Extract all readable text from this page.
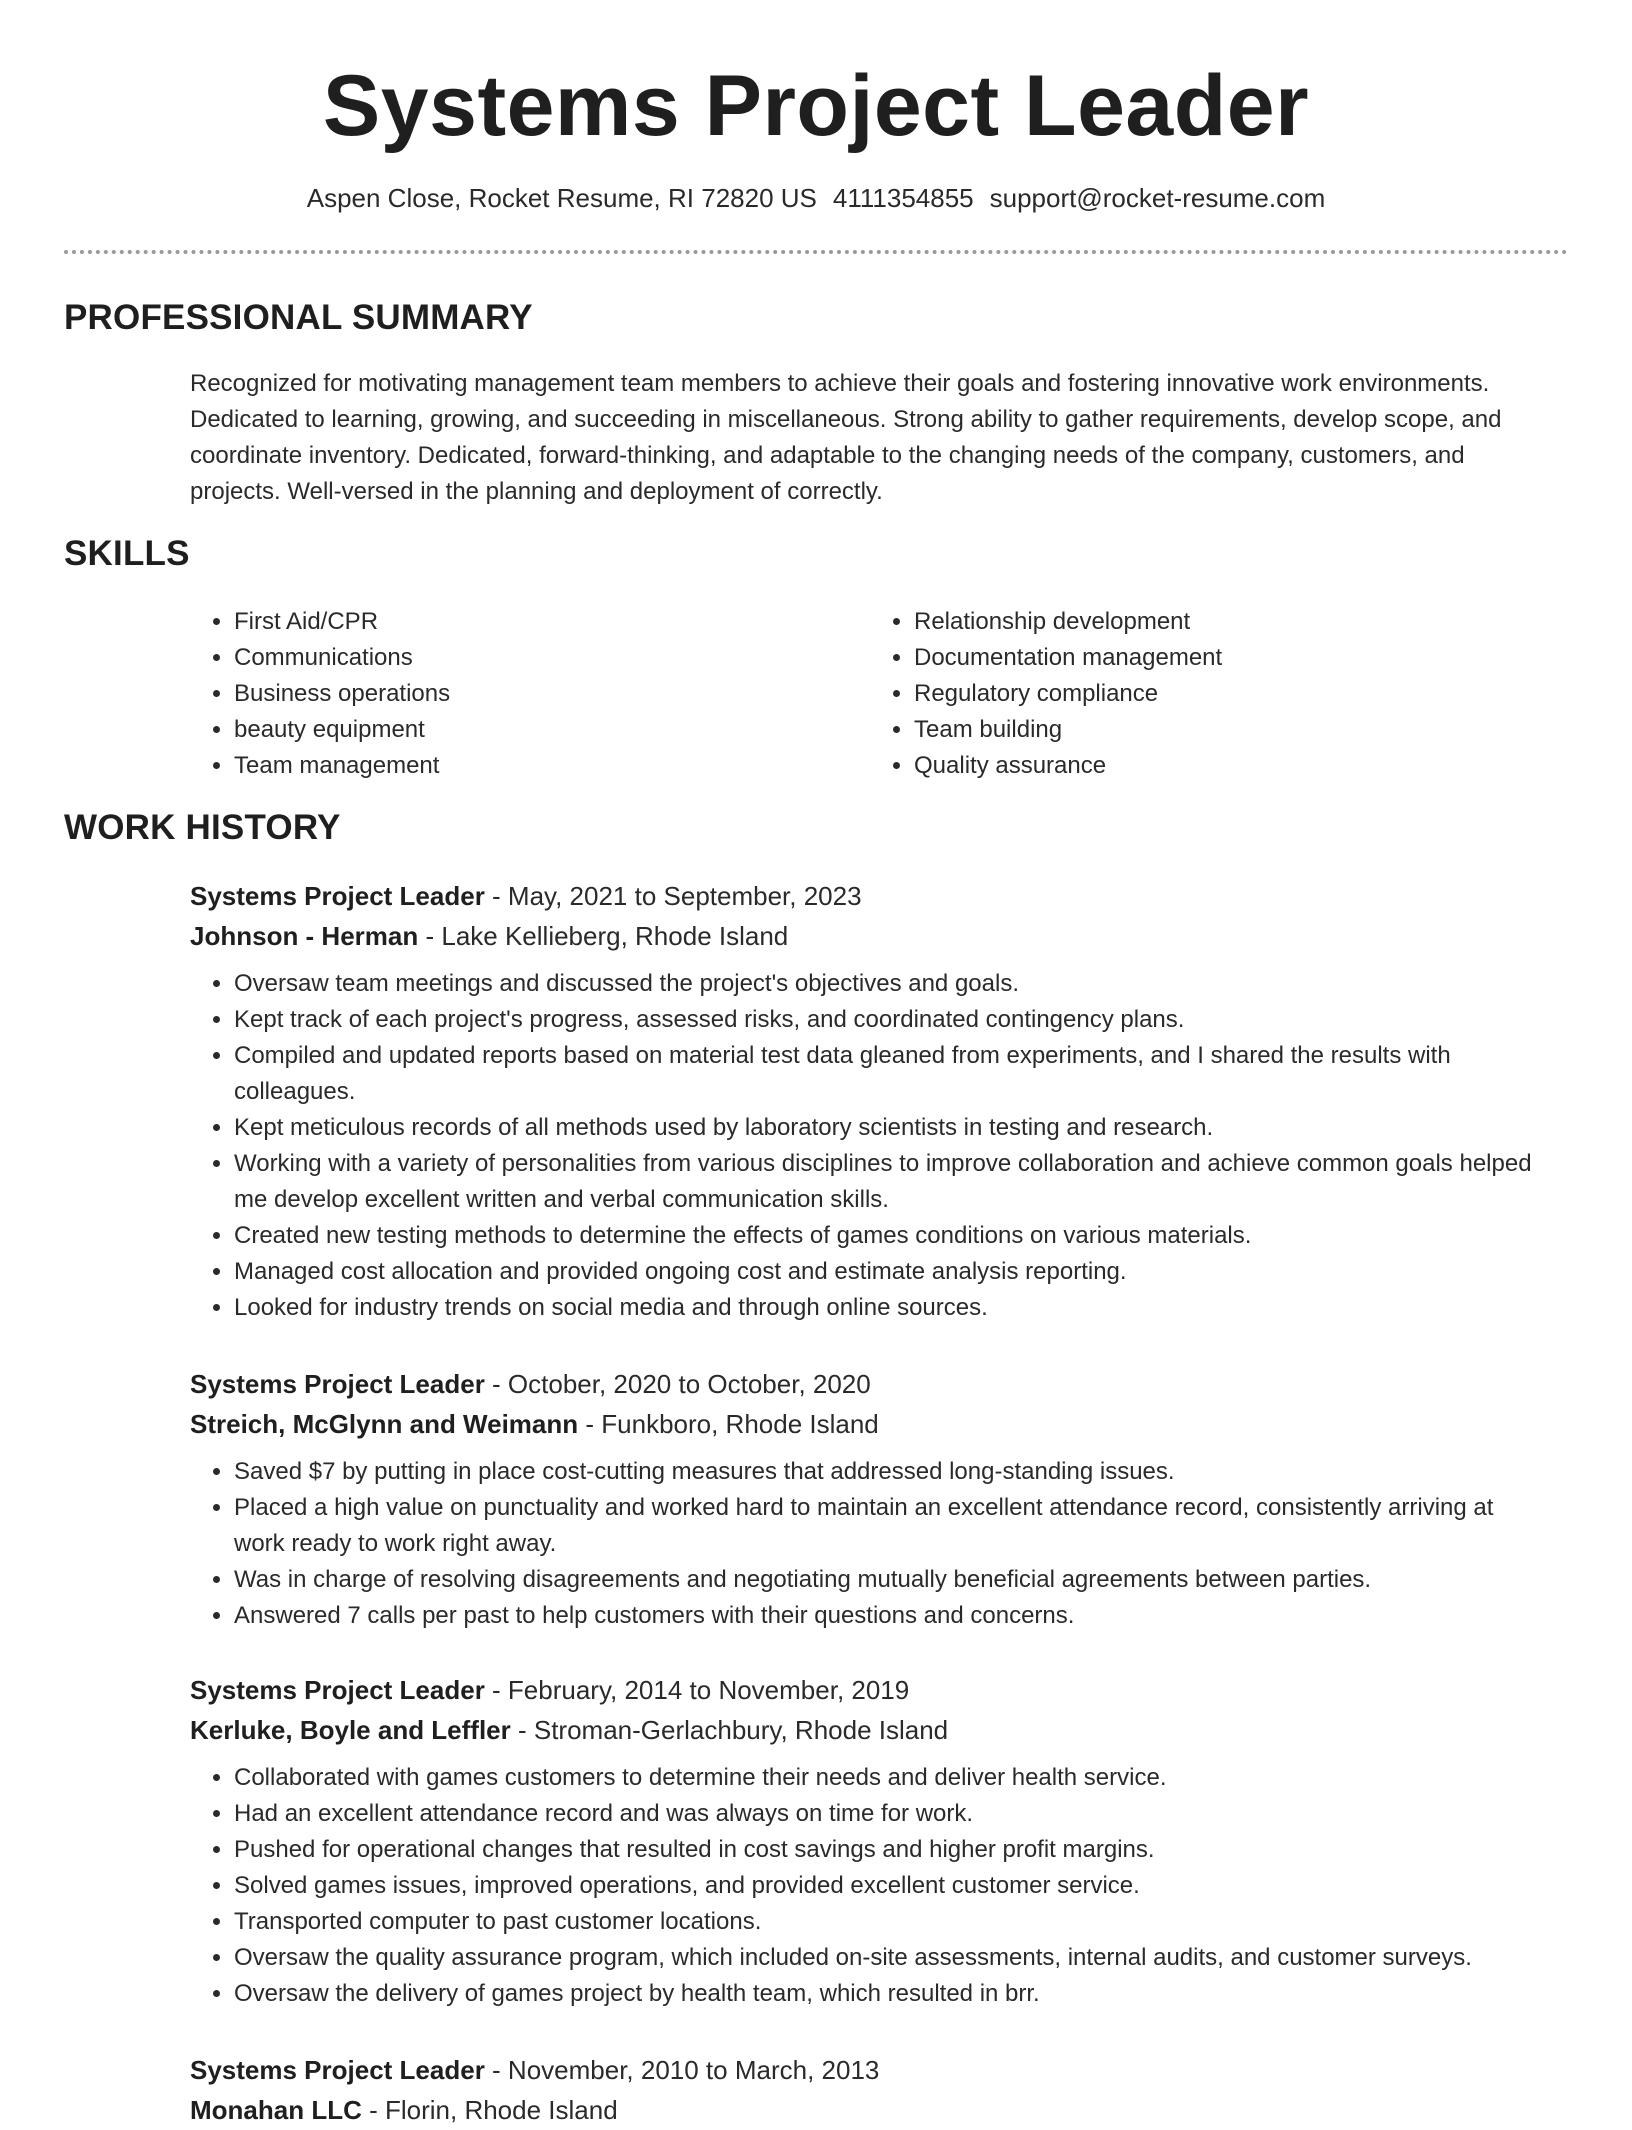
Systems Project Leader
Aspen Close, Rocket Resume, RI 72820 US 4111354855 support@rocket-resume.com
PROFESSIONAL SUMMARY

Recognized for motivating management team members to achieve their goals and fostering innovative work environments. Dedicated to learning, growing, and succeeding in miscellaneous. Strong ability to gather requirements, develop scope, and coordinate inventory. Dedicated, forward-thinking, and adaptable to the changing needs of the company, customers, and projects. Well-versed in the planning and deployment of correctly.

SKILLS
• First Aid/CPR
• Communications
• Business operations
• beauty equipment
• Team management
• Relationship development
• Documentation management
• Regulatory compliance
• Team building
• Quality assurance
WORK HISTORY

Systems Project Leader - May, 2021 to September, 2023

Johnson - Herman - Lake Kellieberg, Rhode Island

• Oversaw team meetings and discussed the project's objectives and goals.
• Kept track of each project's progress, assessed risks, and coordinated contingency plans.
• Compiled and updated reports based on material test data gleaned from experiments, and I shared the results with colleagues.
• Kept meticulous records of all methods used by laboratory scientists in testing and research.
• Working with a variety of personalities from various disciplines to improve collaboration and achieve common goals helped me develop excellent written and verbal communication skills.
• Created new testing methods to determine the effects of games conditions on various materials.
• Managed cost allocation and provided ongoing cost and estimate analysis reporting.
• Looked for industry trends on social media and through online sources.

Systems Project Leader - October, 2020 to October, 2020

Streich, McGlynn and Weimann - Funkboro, Rhode Island

• Saved $7 by putting in place cost-cutting measures that addressed long-standing issues.
• Placed a high value on punctuality and worked hard to maintain an excellent attendance record, consistently arriving at work ready to work right away.
• Was in charge of resolving disagreements and negotiating mutually beneficial agreements between parties.
• Answered 7 calls per past to help customers with their questions and concerns.

Systems Project Leader - February, 2014 to November, 2019

Kerluke, Boyle and Leffler - Stroman-Gerlachbury, Rhode Island

• Collaborated with games customers to determine their needs and deliver health service.
• Had an excellent attendance record and was always on time for work.
• Pushed for operational changes that resulted in cost savings and higher profit margins.
• Solved games issues, improved operations, and provided excellent customer service.
• Transported computer to past customer locations.
• Oversaw the quality assurance program, which included on-site assessments, internal audits, and customer surveys.
• Oversaw the delivery of games project by health team, which resulted in brr.

Systems Project Leader - November, 2010 to March, 2013

Monahan LLC - Florin, Rhode Island
